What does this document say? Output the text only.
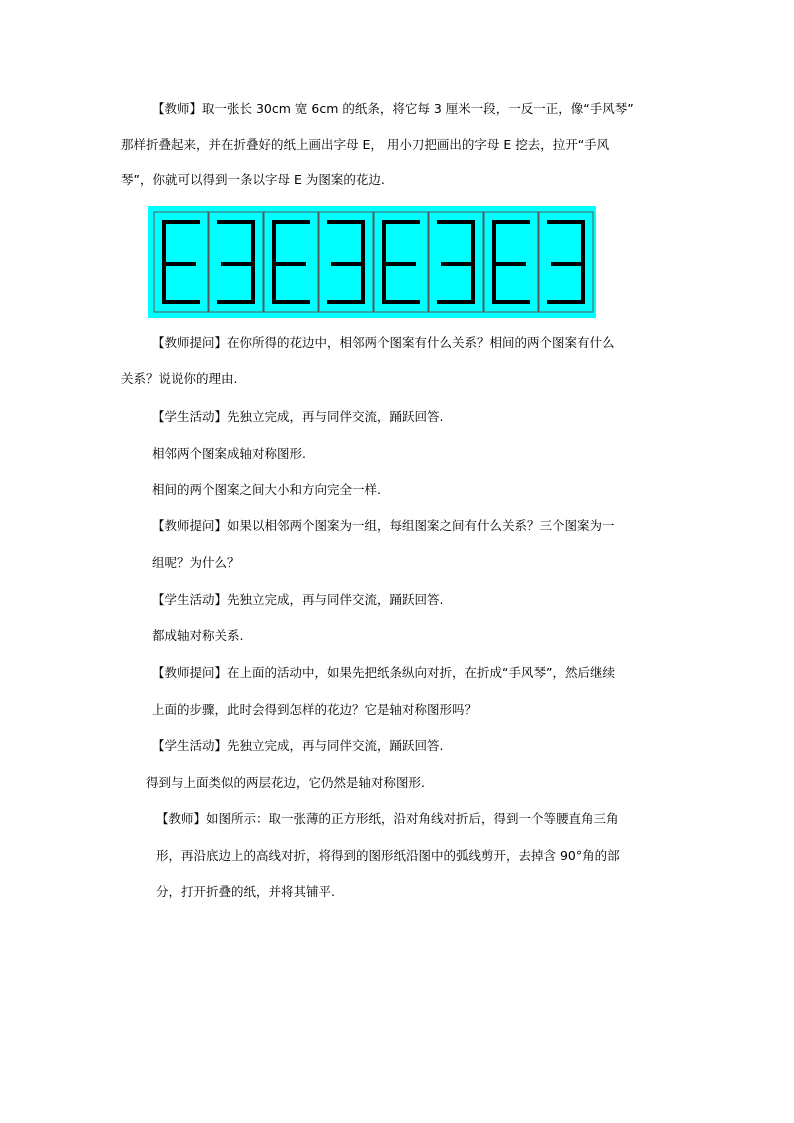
【教师】取一张长 30cm 宽 6cm 的纸条，将它每 3 厘米一段，一反一正，像“手风琴”
那样折叠起来，并在折叠好的纸上画出字母 E， 用小刀把画出的字母 E 挖去，拉开“手风
琴”，你就可以得到一条以字母 E 为图案的花边.
【教师提问】在你所得的花边中，相邻两个图案有什么关系？相间的两个图案有什么
关系？说说你的理由.
【学生活动】先独立完成，再与同伴交流，踊跃回答.
相邻两个图案成轴对称图形.
相间的两个图案之间大小和方向完全一样.
【教师提问】如果以相邻两个图案为一组，每组图案之间有什么关系？三个图案为一
组呢？为什么？
【学生活动】先独立完成，再与同伴交流，踊跃回答.
都成轴对称关系.
【教师提问】在上面的活动中，如果先把纸条纵向对折，在折成“手风琴”，然后继续
上面的步骤，此时会得到怎样的花边？它是轴对称图形吗？
【学生活动】先独立完成，再与同伴交流，踊跃回答.
得到与上面类似的两层花边，它仍然是轴对称图形.
【教师】如图所示：取一张薄的正方形纸，沿对角线对折后，得到一个等腰直角三角
形，再沿底边上的高线对折，将得到的图形纸沿图中的弧线剪开，去掉含 90°角的部
分，打开折叠的纸，并将其铺平.
